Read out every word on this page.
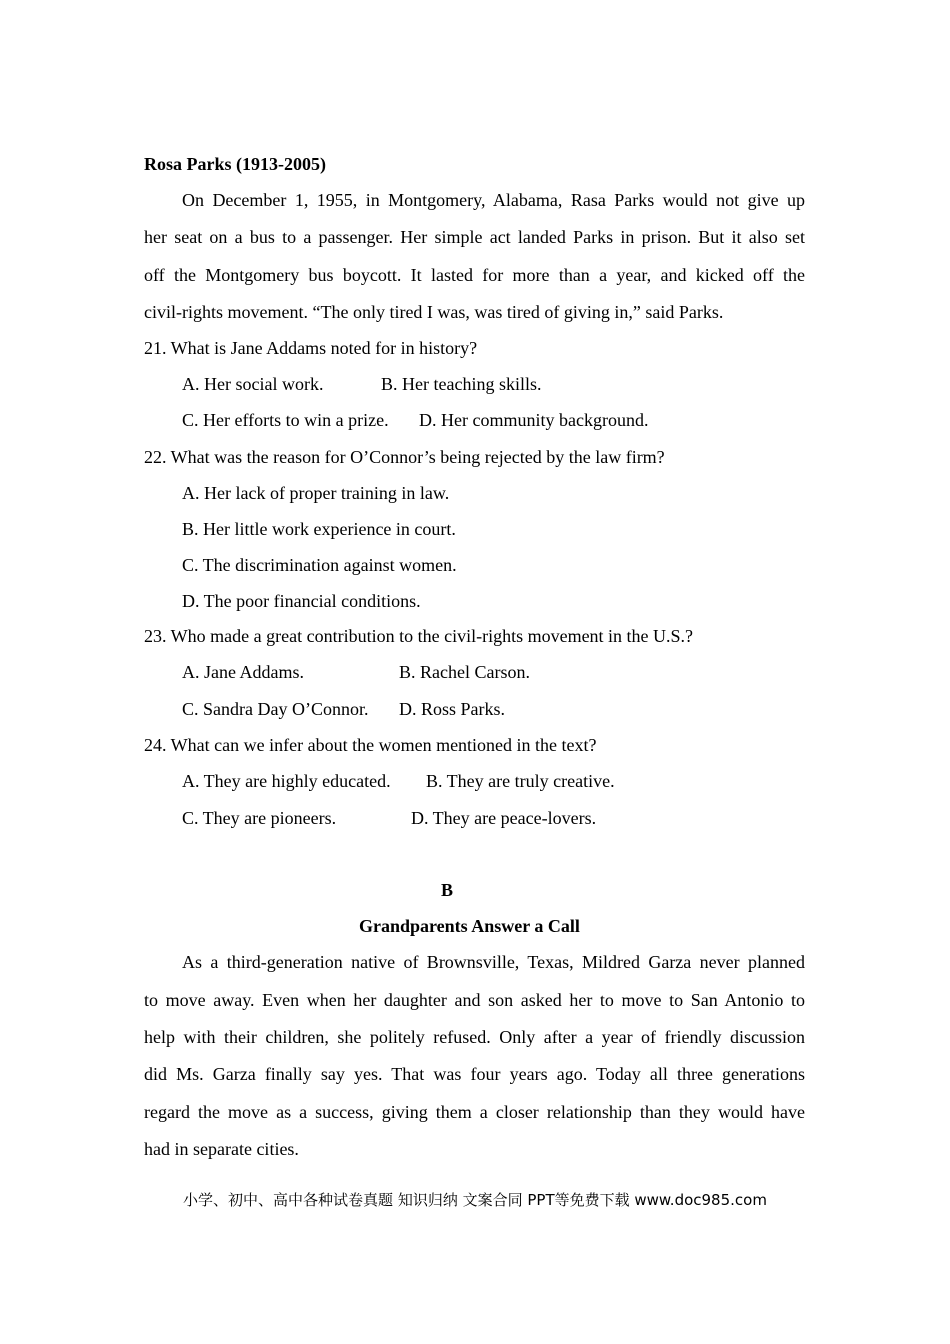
Rosa Parks (1913-2005)
On December 1, 1955, in Montgomery, Alabama, Rasa Parks would not give up
her seat on a bus to a passenger. Her simple act landed Parks in prison. But it also set
off the Montgomery bus boycott. It lasted for more than a year, and kicked off the
civil-rights movement. “The only tired I was, was tired of giving in,” said Parks.
21. What is Jane Addams noted for in history?
A. Her social work.	B. Her teaching skills.
C. Her efforts to win a prize. D. Her community background.
22. What was the reason for O’Connor’s being rejected by the law firm?
A. Her lack of proper training in law.
B. Her little work experience in court.
C. The discrimination against women.
D. The poor financial conditions.
23. Who made a great contribution to the civil-rights movement in the U.S.?
A. Jane Addams.	B. Rachel Carson.
C. Sandra Day O’Connor. D. Ross Parks.
24. What can we infer about the women mentioned in the text?
A. They are highly educated. B. They are truly creative.
C. They are pioneers.	D. They are peace-lovers.
B
Grandparents Answer a Call
As a third-generation native of Brownsville, Texas, Mildred Garza never planned
to move away. Even when her daughter and son asked her to move to San Antonio to
help with their children, she politely refused. Only after a year of friendly discussion
did Ms. Garza finally say yes. That was four years ago. Today all three generations
regard the move as a success, giving them a closer relationship than they would have
had in separate cities.
小学、初中、高中各种试卷真题 知识归纳 文案合同 PPT等免费下载 www.doc985.com
